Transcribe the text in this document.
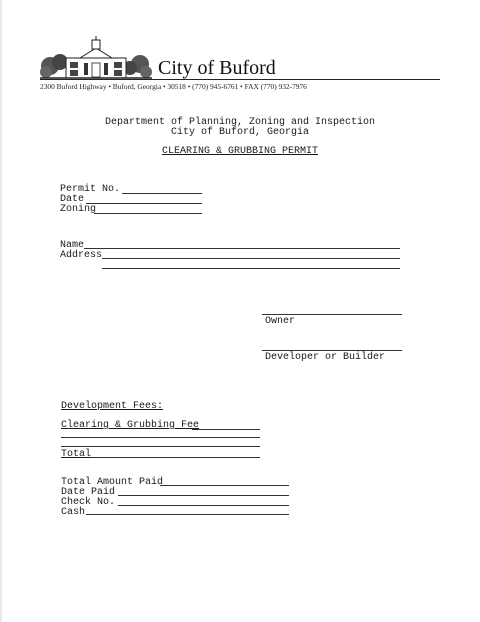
City of Buford
2300 Buford Highway • Buford, Georgia • 30518 • (770) 945-6761 • FAX (770) 932-7976
Department of Planning, Zoning and Inspection
City of Buford, Georgia
CLEARING & GRUBBING PERMIT
Permit No.
Date
Zoning
Name
Address
Owner
Developer or Builder
Development Fees:
Clearing & Grubbing Fee
Total
Total Amount Paid
Date Paid
Check No.
Cash
